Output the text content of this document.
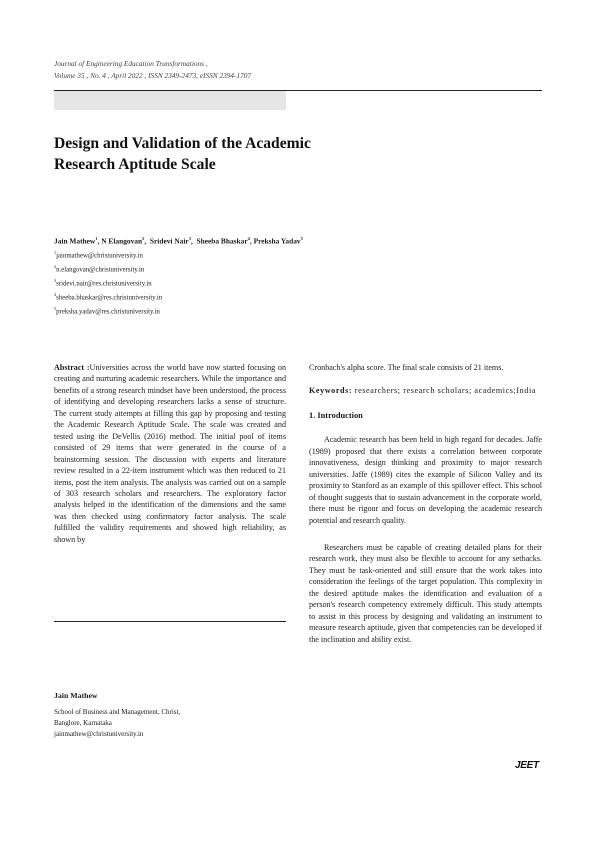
Journal of Engineering Education Transformations ,
Volume 35 , No. 4 , April 2022 , ISSN 2349-2473, eISSN 2394-1707
Design and Validation of the Academic
Research Aptitude Scale
Jain Mathew$^1$, N Elangovan$^2$,  Sridevi Nair$^3$,  Sheeba Bhaskar$^4$, Preksha Yadav$^5$
$^1$jainmathew@christuniversity.in
$^2$n.elangovan@christuniversity.in
$^3$sridevi.nair@res.christuniversity.in
$^4$sheeba.bhaskar@res.christuniversity.in
$^5$preksha.yadav@res.christuniversity.in

Abstract :Universities across the world have now started focusing on creating and nurturing academic researchers. While the importance and benefits of a strong research mindset have been understood, the process of identifying and developing researchers lacks a sense of structure. The current study attempts at filling this gap by proposing and testing the Academic Research Aptitude Scale. The scale was created and tested using the DeVellis (2016) method. The initial pool of items consisted of 29 items that were generated in the course of a brainstorming session. The discussion with experts and literature review resulted in a 22-item instrument which was then reduced to 21 items, post the item analysis. The analysis was carried out on a sample of 303 research scholars and researchers. The exploratory factor analysis helped in the identification of the dimensions and the same was then checked using confirmatory factor analysis. The scale fulfilled the validity requirements and showed high reliability, as shown by

Jain Mathew
School of Business and Management, Christ,
Banglore, Karnataka
jainmathew@christuniversity.in

Cronbach's alpha score. The final scale consists of 21 items.

Keywords: researchers; research scholars; academics;India

1. Introduction

Academic research has been held in high regard for decades. Jaffe (1989) proposed that there exists a correlation between corporate innovativeness, design thinking and proximity to major research universities. Jaffe (1989) cites the example of Silicon Valley and its proximity to Stanford as an example of this spillover effect. This school of thought suggests that to sustain advancement in the corporate world, there must be rigour and focus on developing the academic research potential and research quality.

Researchers must be capable of creating detailed plans for their research work, they must also be flexible to account for any setbacks. They must be task-oriented and still ensure that the work takes into consideration the feelings of the target population. This complexity in the desired aptitude makes the identification and evaluation of a person's research competency extremely difficult. This study attempts to assist in this process by designing and validating an instrument to measure research aptitude, given that competencies can be developed if the inclination and ability exist.

JEET
